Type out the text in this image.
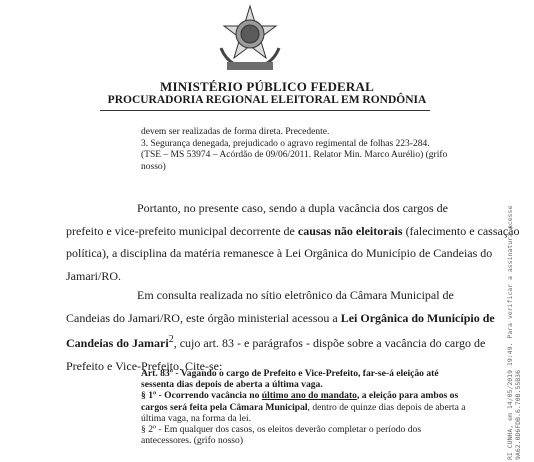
MINISTÉRIO PÚBLICO FEDERAL
PROCURADORIA REGIONAL ELEITORAL EM RONDÔNIA
devem ser realizadas de forma direta. Precedente.
3. Segurança denegada, prejudicado o agravo regimental de folhas 223-284.
(TSE – MS 53974 – Acórdão de 09/06/2011. Relator Min. Marco Aurélio) (grifo
nosso)
Portanto, no presente caso, sendo a dupla vacância dos cargos de
prefeito e vice-prefeito municipal decorrente de causas não eleitorais (falecimento e cassação
política), a disciplina da matéria remanesce à Lei Orgânica do Município de Candeias do
Jamari/RO.
Em consulta realizada no sítio eletrônico da Câmara Municipal de
Candeias do Jamari/RO, este órgão ministerial acessou a Lei Orgânica do Município de
Candeias do Jamari$^2$, cujo art. 83 - e parágrafos - dispõe sobre a vacância do cargo de
Prefeito e Vice-Prefeito. Cite-se:
Art. 83º - Vagando o cargo de Prefeito e Vice-Prefeito, far-se-á eleição até
sessenta dias depois de aberta a última vaga.
§ 1º - Ocorrendo vacância no último ano do mandato, a eleição para ambos os
cargos será feita pela Câmara Municipal, dentro de quinze dias depois de aberta a
última vaga, na forma da lei.
§ 2º - Em qualquer dos casos, os eleitos deverão completar o período dos
antecessores. (grifo nosso)	RI CUNHA, em 14/05/2019 19:49. Para verificar a assinatura acesse
9A62.0D6FDB.6.70B.55B36
